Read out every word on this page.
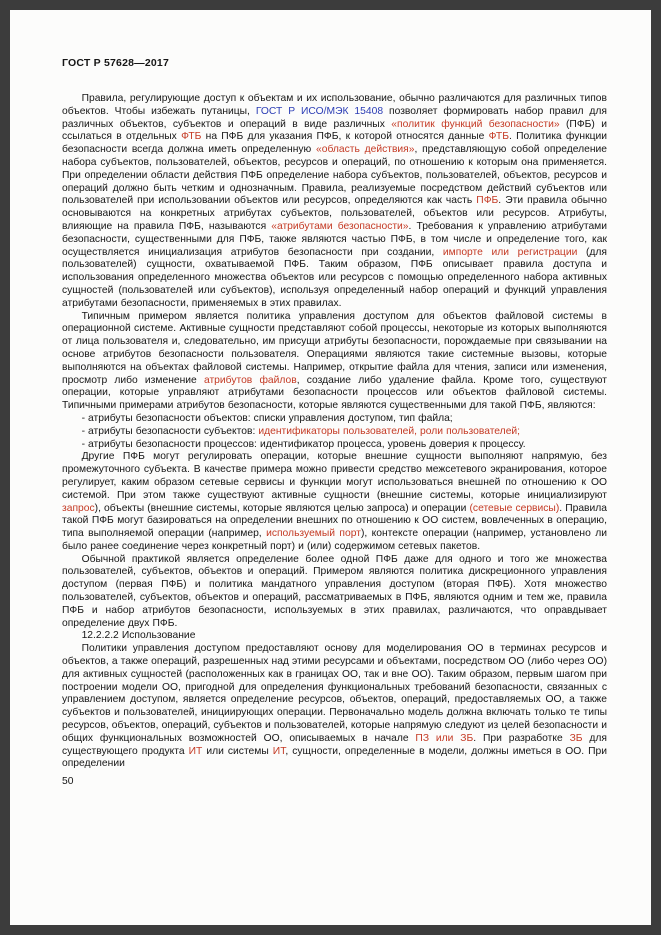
ГОСТ Р 57628—2017

Правила, регулирующие доступ к объектам и их использование, обычно различаются для различных типов объектов. Чтобы избежать путаницы, ГОСТ Р ИСО/МЭК 15408 позволяет формировать набор правил для различных объектов, субъектов и операций в виде различных «политик функций безопасности» (ПФБ) и ссылаться в отдельных ФТБ на ПФБ для указания ПФБ, к которой относятся данные ФТБ. Политика функции безопасности всегда должна иметь определенную «область действия», представляющую собой определение набора субъектов, пользователей, объектов, ресурсов и операций, по отношению к которым она применяется. При определении области действия ПФБ определение набора субъектов, пользователей, объектов, ресурсов и операций должно быть четким и однозначным. Правила, реализуемые посредством действий субъектов или пользователей при использовании объектов или ресурсов, определяются как часть ПФБ. Эти правила обычно основываются на конкретных атрибутах субъектов, пользователей, объектов или ресурсов. Атрибуты, влияющие на правила ПФБ, называются «атрибутами безопасности». Требования к управлению атрибутами безопасности, существенными для ПФБ, также являются частью ПФБ, в том числе и определение того, как осуществляется инициализация атрибутов безопасности при создании, импорте или регистрации (для пользователей) сущности, охватываемой ПФБ. Таким образом, ПФБ описывает правила доступа и использования определенного множества объектов или ресурсов с помощью определенного набора активных сущностей (пользователей или субъектов), используя определенный набор операций и функций управления атрибутами безопасности, применяемых в этих правилах.

Типичным примером является политика управления доступом для объектов файловой системы в операционной системе. Активные сущности представляют собой процессы, некоторые из которых выполняются от лица пользователя и, следовательно, им присущи атрибуты безопасности, порождаемые при связывании на основе атрибутов безопасности пользователя. Операциями являются такие системные вызовы, которые выполняются на объектах файловой системы. Например, открытие файла для чтения, записи или изменения, просмотр либо изменение атрибутов файлов, создание либо удаление файла. Кроме того, существуют операции, которые управляют атрибутами безопасности процессов или объектов файловой системы. Типичными примерами атрибутов безопасности, которые являются существенными для такой ПФБ, являются:

- атрибуты безопасности объектов: списки управления доступом, тип файла;

- атрибуты безопасности субъектов: идентификаторы пользователей, роли пользователей;

- атрибуты безопасности процессов: идентификатор процесса, уровень доверия к процессу.

Другие ПФБ могут регулировать операции, которые внешние сущности выполняют напрямую, без промежуточного субъекта. В качестве примера можно привести средство межсетевого экранирования, которое регулирует, каким образом сетевые сервисы и функции могут использоваться внешней по отношению к ОО системой. При этом также существуют активные сущности (внешние системы, которые инициализируют запрос), объекты (внешние системы, которые являются целью запроса) и операции (сетевые сервисы). Правила такой ПФБ могут базироваться на определении внешних по отношению к ОО систем, вовлеченных в операцию, типа выполняемой операции (например, используемый порт), контексте операции (например, установлено ли было ранее соединение через конкретный порт) и (или) содержимом сетевых пакетов.

Обычной практикой является определение более одной ПФБ даже для одного и того же множества пользователей, субъектов, объектов и операций. Примером являются политика дискреционного управления доступом (первая ПФБ) и политика мандатного управления доступом (вторая ПФБ). Хотя множество пользователей, субъектов, объектов и операций, рассматриваемых в ПФБ, являются одним и тем же, правила ПФБ и набор атрибутов безопасности, используемых в этих правилах, различаются, что оправдывает определение двух ПФБ.

12.2.2.2 Использование

Политики управления доступом предоставляют основу для моделирования ОО в терминах ресурсов и объектов, а также операций, разрешенных над этими ресурсами и объектами, посредством ОО (либо через ОО) для активных сущностей (расположенных как в границах ОО, так и вне ОО). Таким образом, первым шагом при построении модели ОО, пригодной для определения функциональных требований безопасности, связанных с управлением доступом, является определение ресурсов, объектов, операций, предоставляемых ОО, а также субъектов и пользователей, инициирующих операции. Первоначально модель должна включать только те типы ресурсов, объектов, операций, субъектов и пользователей, которые напрямую следуют из целей безопасности и общих функциональных возможностей ОО, описываемых в начале ПЗ или ЗБ. При разработке ЗБ для существующего продукта ИТ или системы ИТ, сущности, определенные в модели, должны иметься в ОО. При определении

50
